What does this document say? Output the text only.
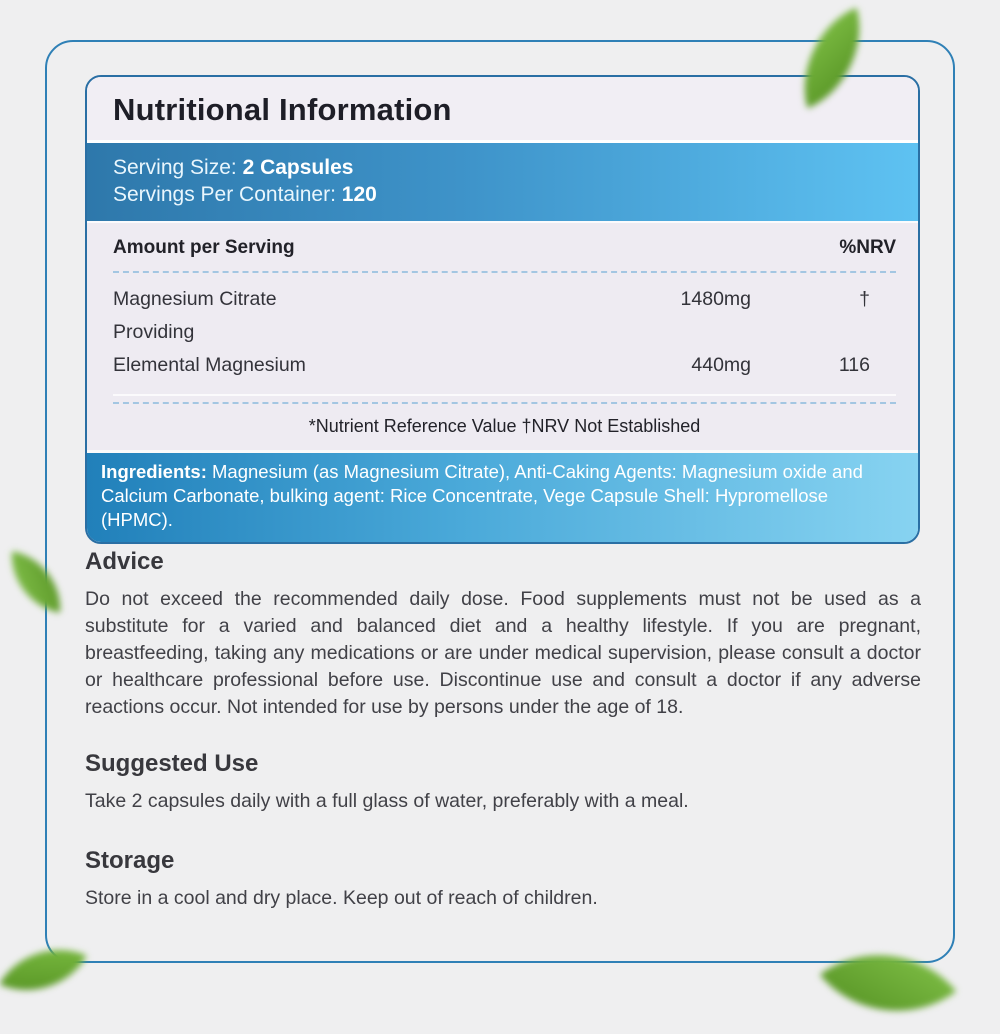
Nutritional Information
Serving Size: 2 Capsules
Servings Per Container: 120
Amount per Serving	%NRV
Magnesium Citrate	1480mg	†
Providing
Elemental Magnesium	440mg	116
*Nutrient Reference Value †NRV Not Established
Ingredients: Magnesium (as Magnesium Citrate), Anti-Caking Agents: Magnesium oxide and Calcium Carbonate, bulking agent: Rice Concentrate, Vege Capsule Shell: Hypromellose (HPMC).
Advice

Do not exceed the recommended daily dose. Food supplements must not be used as a substitute for a varied and balanced diet and a healthy lifestyle. If you are pregnant, breastfeeding, taking any medications or are under medical supervision, please consult a doctor or healthcare professional before use. Discontinue use and consult a doctor if any adverse reactions occur. Not intended for use by persons under the age of 18.

Suggested Use

Take 2 capsules daily with a full glass of water, preferably with a meal.

Storage

Store in a cool and dry place. Keep out of reach of children.
